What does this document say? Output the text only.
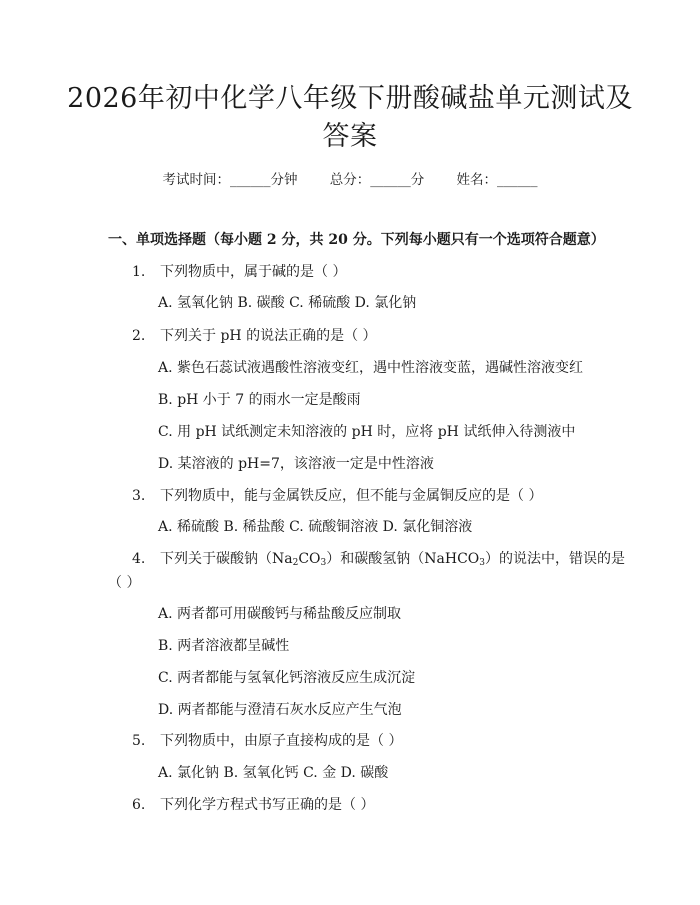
2026年初中化学八年级下册酸碱盐单元测试及答案
考试时间：______分钟 总分：______分 姓名：______
一、单项选择题（每小题 2 分，共 20 分。下列每小题只有一个选项符合题意）
1. 下列物质中，属于碱的是（ ）
A. 氢氧化钠 B. 碳酸 C. 稀硫酸 D. 氯化钠
2. 下列关于 pH 的说法正确的是（ ）
A. 紫色石蕊试液遇酸性溶液变红，遇中性溶液变蓝，遇碱性溶液变红
B. pH 小于 7 的雨水一定是酸雨
C. 用 pH 试纸测定未知溶液的 pH 时，应将 pH 试纸伸入待测液中
D. 某溶液的 pH=7，该溶液一定是中性溶液
3. 下列物质中，能与金属铁反应，但不能与金属铜反应的是（ ）
A. 稀硫酸 B. 稀盐酸 C. 硫酸铜溶液 D. 氯化铜溶液
4. 下列关于碳酸钠$(Na_2CO_3)$和碳酸氢钠（NaHCO$_3$）的说法中，错误的是
（ ）
A. 两者都可用碳酸钙与稀盐酸反应制取
B. 两者溶液都呈碱性
C. 两者都能与氢氧化钙溶液反应生成沉淀
D. 两者都能与澄清石灰水反应产生气泡
5. 下列物质中，由原子直接构成的是（ ）
A. 氯化钠 B. 氢氧化钙 C. 金 D. 碳酸
6. 下列化学方程式书写正确的是（ ）
